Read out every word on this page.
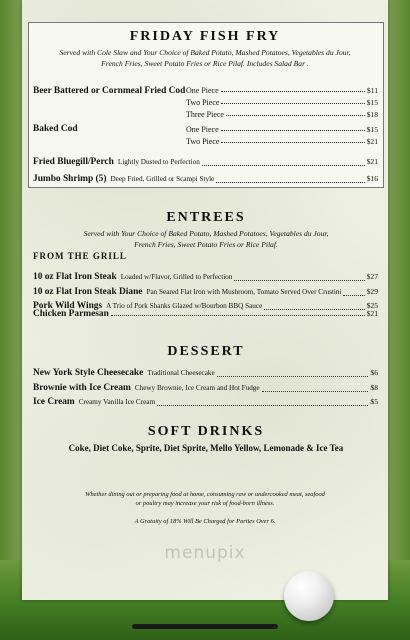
FRIDAY FISH FRY
Served with Cole Slaw and Your Choice of Baked Potato, Mashed Potatoes, Vegetables du Jour,
French Fries, Sweet Potato Fries or Rice Pilaf. Includes Salad Bar .
Beer Battered or Cornmeal Fried Cod One Piece	$11
Two Piece	$15
Three Piece	$18
Baked Cod	One Piece	$15
Two Piece	$21
Fried Bluegill/Perch
Lightly Dusted to Perfection	$21
Jumbo Shrimp (5)
Deep Fried, Grilled or Scampi Style	$16
ENTREES
Served with Your Choice of Baked Potato, Mashed Potatoes, Vegetables du Jour,
French Fries, Sweet Potato Fries or Rice Pilaf.
FROM THE GRILL
10 oz Flat Iron Steak
Loaded w/Flavor, Grilled to Perfection	$27
10 oz Flat Iron Steak Diane
Pan Seared Flat Iron with Mushroom, Tomato Served Over Crustini	$29
Pork Wild Wings
A Trio of Pork Shanks Glazed w/Bourbon BBQ Sauce	$25
Chicken Parmesan	$21
DESSERT
New York Style Cheesecake
Traditional Cheesecake	$6
Brownie with Ice Cream
Chewy Brownie, Ice Cream and Hot Fudge	$8
Ice Cream
Creamy Vanilla Ice Cream	$5
SOFT DRINKS
Coke, Diet Coke, Sprite, Diet Sprite, Mello Yellow, Lemonade & Ice Tea
Whether dining out or preparing food at home, consuming raw or undercooked meat, seafood
or poultry may increase your risk of food-born illness.
A Gratuity of 18% Will Be Charged for Parties Over 6.
menupix
